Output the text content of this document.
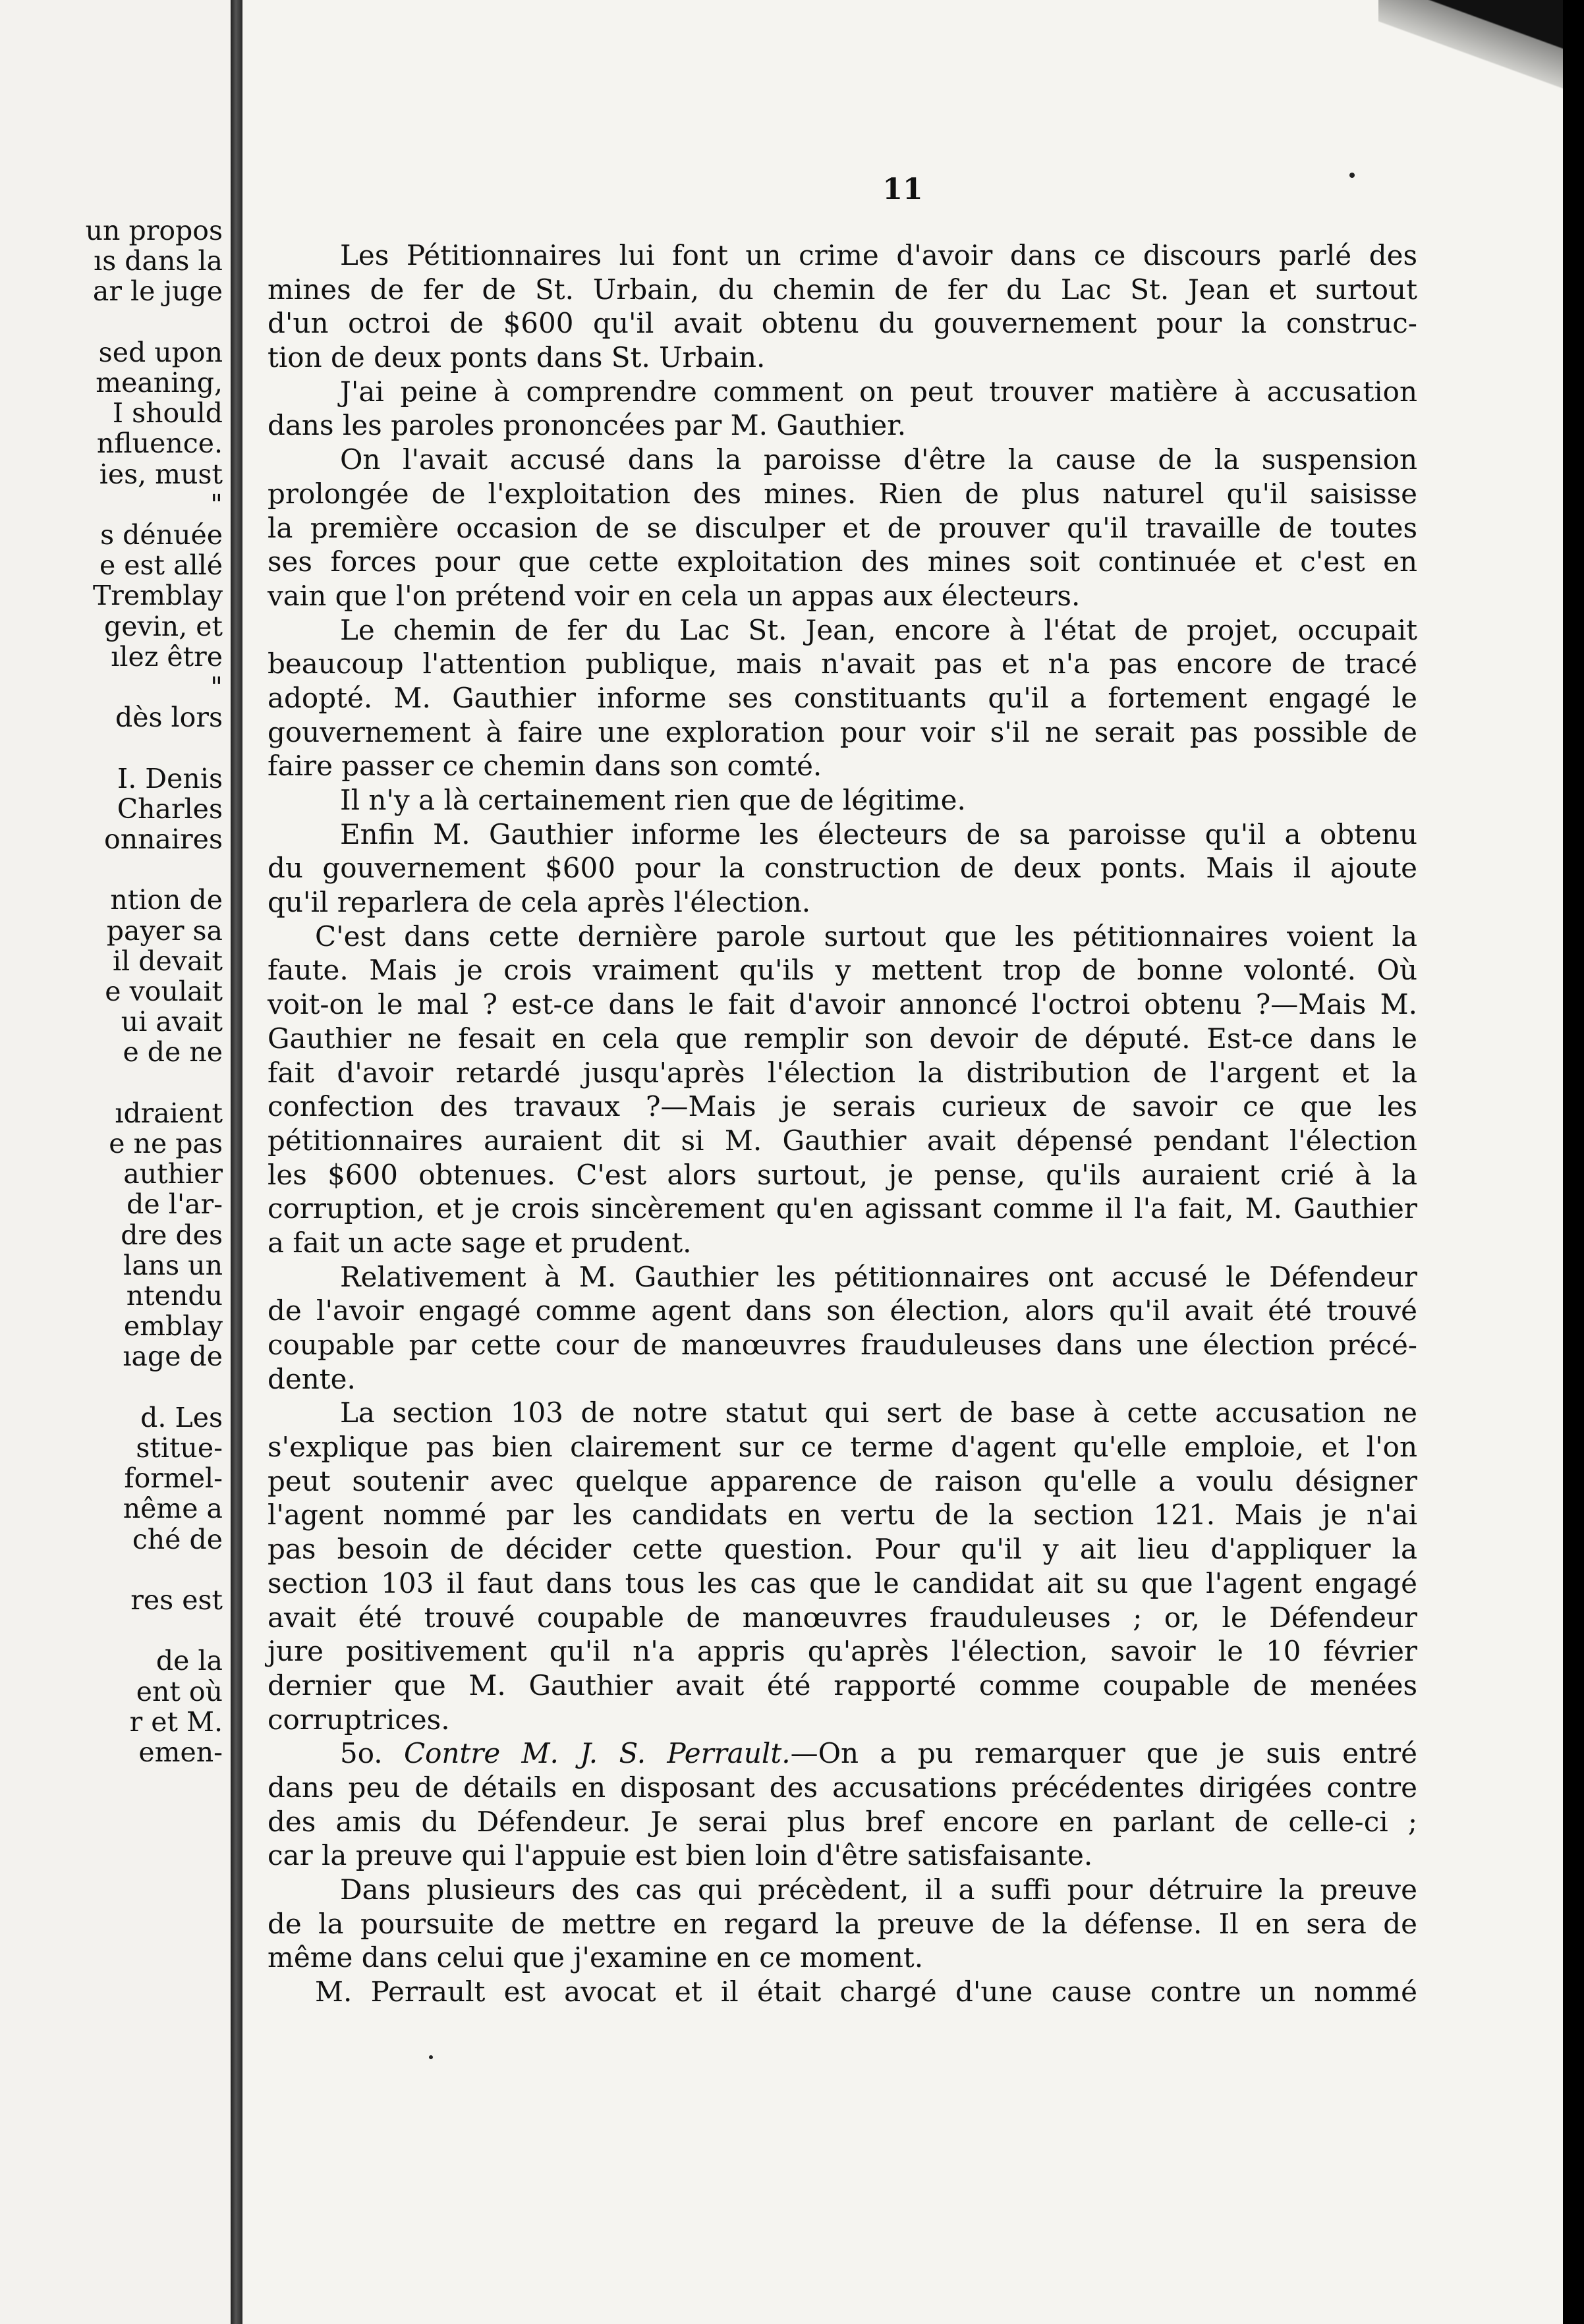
un propos
ıs dans la
ar le juge
sed upon
meaning,
I should
nfluence.
ies, must
"
s dénuée
e est allé
Tremblay
gevin, et
ılez être
"
dès lors
I. Denis
Charles
onnaires
ntion de
payer sa
il devait
e voulait
ui avait
e de ne
ıdraient
e ne pas
authier
de l'ar-
dre des
lans un
ntendu
emblay
ıage de
d. Les
stitue-
formel-
nême a
ché de
res est
de la
ent où
r et M.
emen-
11
Les Pétitionnaires lui font un crime d'avoir dans ce discours parlé des
mines de fer de St. Urbain, du chemin de fer du Lac St. Jean et surtout
d'un octroi de $600 qu'il avait obtenu du gouvernement pour la construc-
tion de deux ponts dans St. Urbain.
J'ai peine à comprendre comment on peut trouver matière à accusation
dans les paroles prononcées par M. Gauthier.
On l'avait accusé dans la paroisse d'être la cause de la suspension
prolongée de l'exploitation des mines. Rien de plus naturel qu'il saisisse
la première occasion de se disculper et de prouver qu'il travaille de toutes
ses forces pour que cette exploitation des mines soit continuée et c'est en
vain que l'on prétend voir en cela un appas aux électeurs.
Le chemin de fer du Lac St. Jean, encore à l'état de projet, occupait
beaucoup l'attention publique, mais n'avait pas et n'a pas encore de tracé
adopté. M. Gauthier informe ses constituants qu'il a fortement engagé le
gouvernement à faire une exploration pour voir s'il ne serait pas possible de
faire passer ce chemin dans son comté.
Il n'y a là certainement rien que de légitime.
Enfin M. Gauthier informe les électeurs de sa paroisse qu'il a obtenu
du gouvernement $600 pour la construction de deux ponts. Mais il ajoute
qu'il reparlera de cela après l'élection.
C'est dans cette dernière parole surtout que les pétitionnaires voient la
faute. Mais je crois vraiment qu'ils y mettent trop de bonne volonté. Où
voit-on le mal ? est-ce dans le fait d'avoir annoncé l'octroi obtenu ?—Mais M.
Gauthier ne fesait en cela que remplir son devoir de député. Est-ce dans le
fait d'avoir retardé jusqu'après l'élection la distribution de l'argent et la
confection des travaux ?—Mais je serais curieux de savoir ce que les
pétitionnaires auraient dit si M. Gauthier avait dépensé pendant l'élection
les $600 obtenues. C'est alors surtout, je pense, qu'ils auraient crié à la
corruption, et je crois sincèrement qu'en agissant comme il l'a fait, M. Gauthier
a fait un acte sage et prudent.
Relativement à M. Gauthier les pétitionnaires ont accusé le Défendeur
de l'avoir engagé comme agent dans son élection, alors qu'il avait été trouvé
coupable par cette cour de manœuvres frauduleuses dans une élection précé-
dente.
La section 103 de notre statut qui sert de base à cette accusation ne
s'explique pas bien clairement sur ce terme d'agent qu'elle emploie, et l'on
peut soutenir avec quelque apparence de raison qu'elle a voulu désigner
l'agent nommé par les candidats en vertu de la section 121. Mais je n'ai
pas besoin de décider cette question. Pour qu'il y ait lieu d'appliquer la
section 103 il faut dans tous les cas que le candidat ait su que l'agent engagé
avait été trouvé coupable de manœuvres frauduleuses ; or, le Défendeur
jure positivement qu'il n'a appris qu'après l'élection, savoir le 10 février
dernier que M. Gauthier avait été rapporté comme coupable de menées
corruptrices.
5o. Contre M. J. S. Perrault.—On a pu remarquer que je suis entré
dans peu de détails en disposant des accusations précédentes dirigées contre
des amis du Défendeur. Je serai plus bref encore en parlant de celle-ci ;
car la preuve qui l'appuie est bien loin d'être satisfaisante.
Dans plusieurs des cas qui précèdent, il a suffi pour détruire la preuve
de la poursuite de mettre en regard la preuve de la défense. Il en sera de
même dans celui que j'examine en ce moment.
M. Perrault est avocat et il était chargé d'une cause contre un nommé
